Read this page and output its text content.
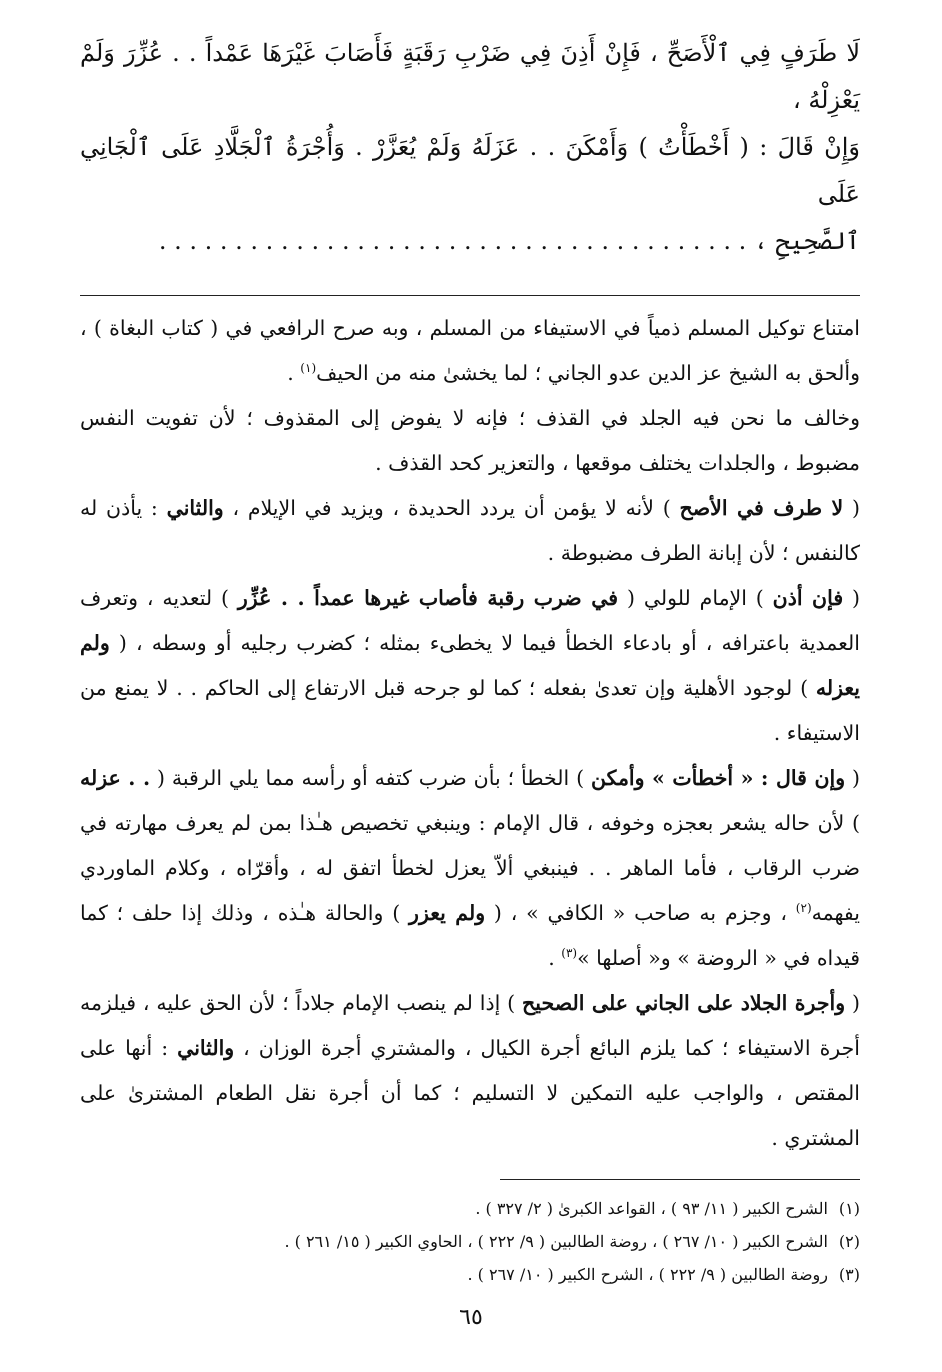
لَا طَرَفٍ فِي ٱلْأَصَحِّ ، فَإِنْ أَذِنَ فِي ضَرْبِ رَقَبَةٍ فَأَصَابَ غَيْرَهَا عَمْداً . . عُزِّرَ وَلَمْ يَعْزِلْهُ ،

وَإِنْ قَالَ : ( أَخْطَأْتُ ) وَأَمْكَنَ . . عَزَلَهُ وَلَمْ يُعَزَّرْ . وَأُجْرَةُ ٱلْجَلَّادِ عَلَى ٱلْجَانِي عَلَى

ٱلصَّحِيحِ ، . . . . . . . . . . . . . . . . . . . . . . . . . . . . . . . . . . . . . . .

امتناع توكيل المسلم ذمياً في الاستيفاء من المسلم ، وبه صرح الرافعي في ( كتاب البغاة ) ، وألحق به الشيخ عز الدين عدو الجاني ؛ لما يخشىٰ منه من الحيف$^{(١)}$ .

وخالف ما نحن فيه الجلد في القذف ؛ فإنه لا يفوض إلى المقذوف ؛ لأن تفويت النفس مضبوط ، والجلدات يختلف موقعها ، والتعزير كحد القذف .

( لا طرف في الأصح ) لأنه لا يؤمن أن يردد الحديدة ، ويزيد في الإيلام ، والثاني : يأذن له كالنفس ؛ لأن إبانة الطرف مضبوطة .

( فإن أذن ) الإمام للولي ( في ضرب رقبة فأصاب غيرها عمداً . . عُزِّر ) لتعديه ، وتعرف العمدية باعترافه ، أو بادعاء الخطأ فيما لا يخطىء بمثله ؛ كضرب رجليه أو وسطه ، ( ولم يعزله ) لوجود الأهلية وإن تعدىٰ بفعله ؛ كما لو جرحه قبل الارتفاع إلى الحاكم . . لا يمنع من الاستيفاء .

( وإن قال : « أخطأت » وأمكن ) الخطأ ؛ بأن ضرب كتفه أو رأسه مما يلي الرقبة ( . . عزله ) لأن حاله يشعر بعجزه وخوفه ، قال الإمام : وينبغي تخصيص هـٰذا بمن لم يعرف مهارته في ضرب الرقاب ، فأما الماهر . . فينبغي ألاّ يعزل لخطأ اتفق له ، وأقرّاه ، وكلام الماوردي يفهمه$^{(٢)}$ ، وجزم به صاحب « الكافي » ، ( ولم يعزر ) والحالة هـٰذه ، وذلك إذا حلف ؛ كما قيداه في « الروضة » و« أصلها »$^{(٣)}$ .

( وأجرة الجلاد على الجاني على الصحيح ) إذا لم ينصب الإمام جلاداً ؛ لأن الحق عليه ، فيلزمه أجرة الاستيفاء ؛ كما يلزم البائع أجرة الكيال ، والمشتري أجرة الوزان ، والثاني : أنها على المقتص ، والواجب عليه التمكين لا التسليم ؛ كما أن أجرة نقل الطعام المشترىٰ على المشتري .

(١)
الشرح الكبير ( ١١/ ٩٣ ) ، القواعد الكبرىٰ ( ٢/ ٣٢٧ ) .
(٢)
الشرح الكبير ( ١٠/ ٢٦٧ ) ، روضة الطالبين ( ٩/ ٢٢٢ ) ، الحاوي الكبير ( ١٥/ ٢٦١ ) .
(٣)
روضة الطالبين ( ٩/ ٢٢٢ ) ، الشرح الكبير ( ١٠/ ٢٦٧ ) .
٦٥
